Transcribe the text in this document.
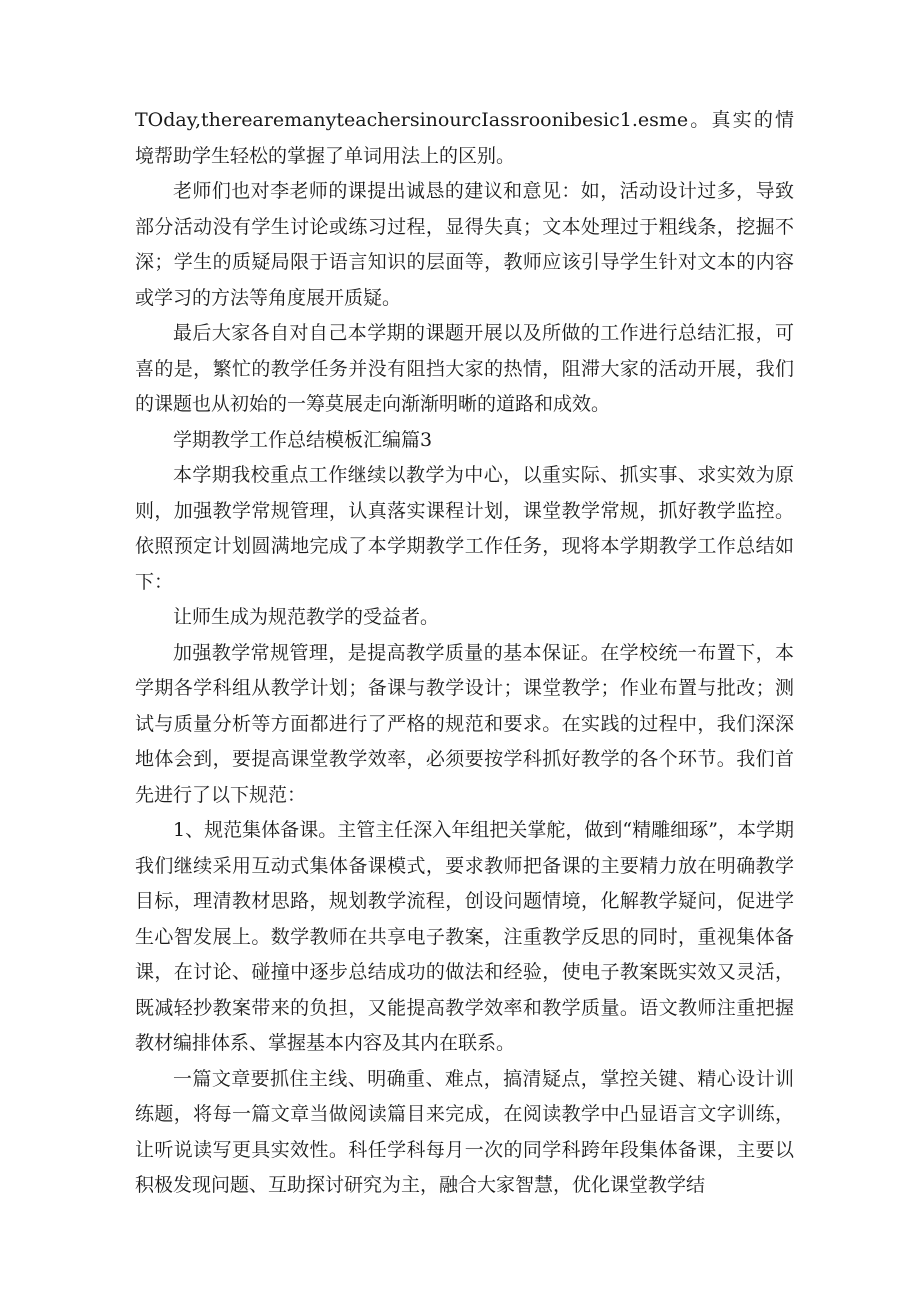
TOday,therearemanyteachersinourcIassroonibesic1.esme。真实的情境帮助学生轻松的掌握了单词用法上的区别。

老师们也对李老师的课提出诚恳的建议和意见：如，活动设计过多，导致部分活动没有学生讨论或练习过程，显得失真；文本处理过于粗线条，挖掘不深；学生的质疑局限于语言知识的层面等，教师应该引导学生针对文本的内容或学习的方法等角度展开质疑。

最后大家各自对自己本学期的课题开展以及所做的工作进行总结汇报，可喜的是，繁忙的教学任务并没有阻挡大家的热情，阻滞大家的活动开展，我们的课题也从初始的一筹莫展走向渐渐明晰的道路和成效。

学期教学工作总结模板汇编篇3

本学期我校重点工作继续以教学为中心，以重实际、抓实事、求实效为原则，加强教学常规管理，认真落实课程计划，课堂教学常规，抓好教学监控。依照预定计划圆满地完成了本学期教学工作任务，现将本学期教学工作总结如下：

让师生成为规范教学的受益者。

加强教学常规管理，是提高教学质量的基本保证。在学校统一布置下，本学期各学科组从教学计划；备课与教学设计；课堂教学；作业布置与批改；测试与质量分析等方面都进行了严格的规范和要求。在实践的过程中，我们深深地体会到，要提高课堂教学效率，必须要按学科抓好教学的各个环节。我们首先进行了以下规范：

1、规范集体备课。主管主任深入年组把关掌舵，做到“精雕细琢”，本学期我们继续采用互动式集体备课模式，要求教师把备课的主要精力放在明确教学目标，理清教材思路，规划教学流程，创设问题情境，化解教学疑问，促进学生心智发展上。数学教师在共享电子教案，注重教学反思的同时，重视集体备课，在讨论、碰撞中逐步总结成功的做法和经验，使电子教案既实效又灵活，既减轻抄教案带来的负担，又能提高教学效率和教学质量。语文教师注重把握教材编排体系、掌握基本内容及其内在联系。

一篇文章要抓住主线、明确重、难点，搞清疑点，掌控关键、精心设计训练题，将每一篇文章当做阅读篇目来完成，在阅读教学中凸显语言文字训练，让听说读写更具实效性。科任学科每月一次的同学科跨年段集体备课，主要以积极发现问题、互助探讨研究为主，融合大家智慧，优化课堂教学结
